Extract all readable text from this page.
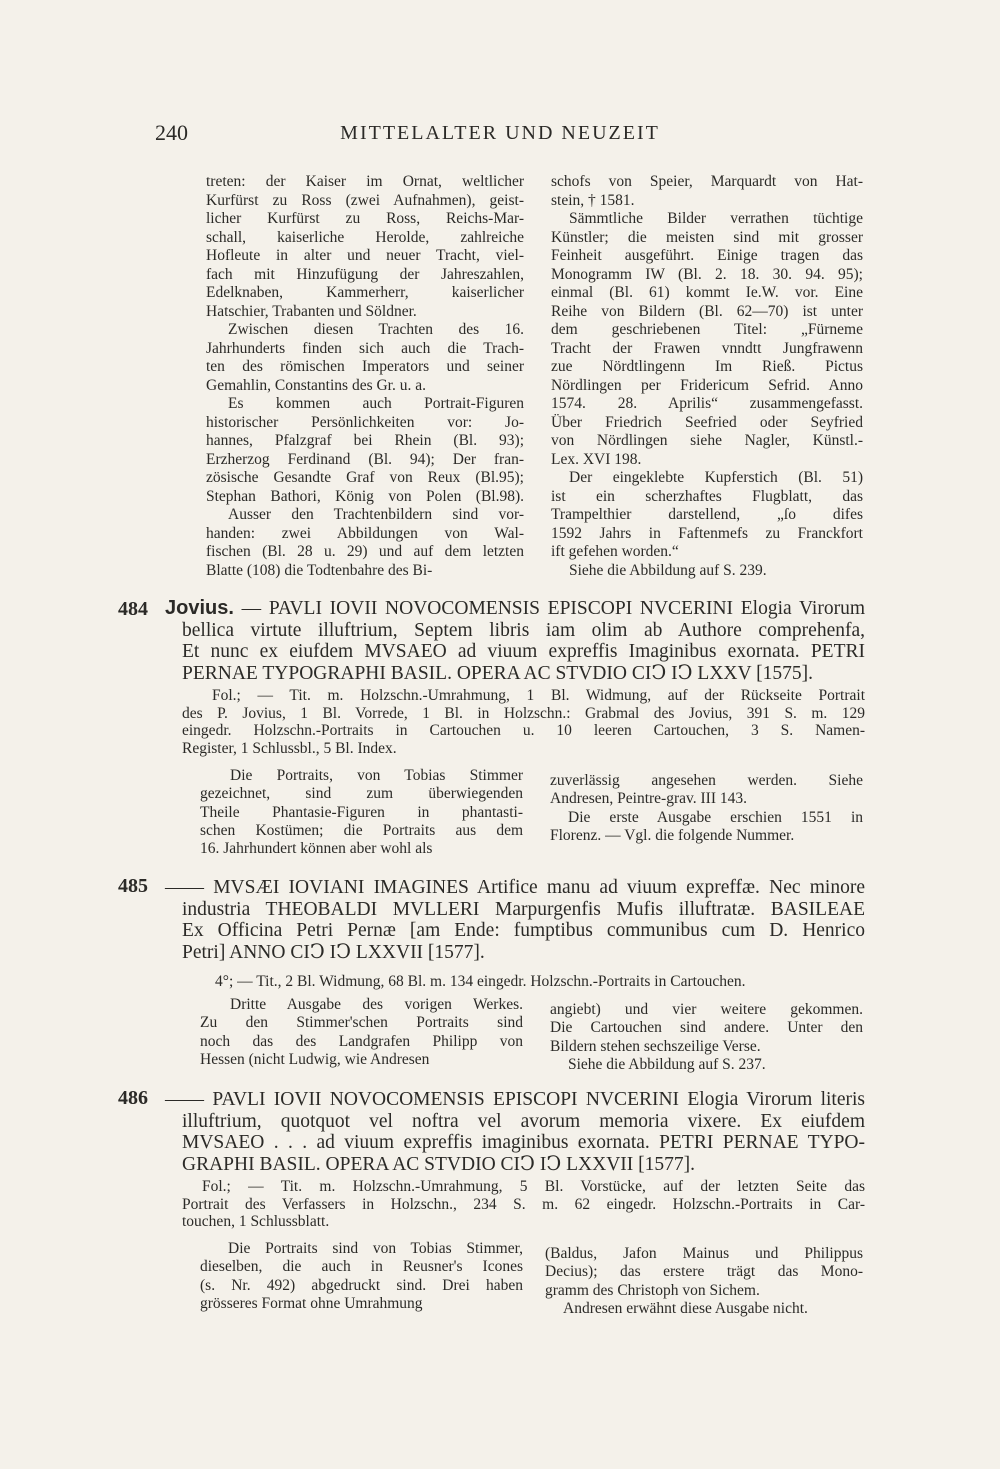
240	MITTELALTER UND NEUZEIT
treten: der Kaiser im Ornat, weltlicher
Kurfürst zu Ross (zwei Aufnahmen), geist-
licher Kurfürst zu Ross, Reichs-Mar-
schall, kaiserliche Herolde, zahlreiche
Hofleute in alter und neuer Tracht, viel-
fach mit Hinzufügung der Jahreszahlen,
Edelknaben, Kammerherr, kaiserlicher
Hatschier, Trabanten und Söldner.
Zwischen diesen Trachten des 16.
Jahrhunderts finden sich auch die Trach-
ten des römischen Imperators und seiner
Gemahlin, Constantins des Gr. u. a.
Es kommen auch Portrait-Figuren
historischer Persönlichkeiten vor: Jo-
hannes, Pfalzgraf bei Rhein (Bl. 93);
Erzherzog Ferdinand (Bl. 94); Der fran-
zösische Gesandte Graf von Reux (Bl.95);
Stephan Bathori, König von Polen (Bl.98).
Ausser den Trachtenbildern sind vor-
handen: zwei Abbildungen von Wal-
fischen (Bl. 28 u. 29) und auf dem letzten
Blatte (108) die Todtenbahre des Bi-
schofs von Speier, Marquardt von Hat-
stein, † 1581.
Sämmtliche Bilder verrathen tüchtige
Künstler; die meisten sind mit grosser
Feinheit ausgeführt. Einige tragen das
Monogramm IW (Bl. 2. 18. 30. 94. 95);
einmal (Bl. 61) kommt Ie.W. vor. Eine
Reihe von Bildern (Bl. 62—70) ist unter
dem geschriebenen Titel: „Fürneme
Tracht der Frawen vnndtt Jungfrawenn
zue Nördtlingenn Im Rieß. Pictus
Nördlingen per Fridericum Sefrid. Anno
1574. 28. Aprilis“ zusammengefasst.
Über Friedrich Seefried oder Seyfried
von Nördlingen siehe Nagler, Künstl.-
Lex. XVI 198.
Der eingeklebte Kupferstich (Bl. 51)
ist ein scherzhaftes Flugblatt, das
Trampelthier darstellend, „ſo difes
1592 Jahrs in Faftenmefs zu Franckfort
ift gefehen worden.“
Siehe die Abbildung auf S. 239.
484 Jovius. — PAVLI IOVII NOVOCOMENSIS EPISCOPI NVCERINI Elogia Virorum
bellica virtute illuftrium, Septem libris iam olim ab Authore comprehenfa,
Et nunc ex eiufdem MVSAEO ad viuum expreffis Imaginibus exornata. PETRI
PERNAE TYPOGRAPHI BASIL. OPERA AC STVDIO CIↃ IↃ LXXV [1575].
Fol.; — Tit. m. Holzschn.-Umrahmung, 1 Bl. Widmung, auf der Rückseite Portrait
des P. Jovius, 1 Bl. Vorrede, 1 Bl. in Holzschn.: Grabmal des Jovius, 391 S. m. 129
eingedr. Holzschn.-Portraits in Cartouchen u. 10 leeren Cartouchen, 3 S. Namen-
Register, 1 Schlussbl., 5 Bl. Index.
Die Portraits, von Tobias Stimmer
gezeichnet, sind zum überwiegenden
Theile Phantasie-Figuren in phantasti-
schen Kostümen; die Portraits aus dem
16. Jahrhundert können aber wohl als
zuverlässig angesehen werden. Siehe
Andresen, Peintre-grav. III 143.
Die erste Ausgabe erschien 1551 in
Florenz. — Vgl. die folgende Nummer.
485 —— MVSÆI IOVIANI IMAGINES Artifice manu ad viuum expreffæ. Nec minore
industria THEOBALDI MVLLERI Marpurgenfis Mufis illuftratæ. BASILEAE
Ex Officina Petri Pernæ [am Ende: fumptibus communibus cum D. Henrico
Petri] ANNO CIↃ IↃ LXXVII [1577].
4°; — Tit., 2 Bl. Widmung, 68 Bl. m. 134 eingedr. Holzschn.-Portraits in Cartouchen.
Dritte Ausgabe des vorigen Werkes.
Zu den Stimmer'schen Portraits sind
noch das des Landgrafen Philipp von
Hessen (nicht Ludwig, wie Andresen
angiebt) und vier weitere gekommen.
Die Cartouchen sind andere. Unter den
Bildern stehen sechszeilige Verse.
Siehe die Abbildung auf S. 237.
486 —— PAVLI IOVII NOVOCOMENSIS EPISCOPI NVCERINI Elogia Virorum literis
illuftrium, quotquot vel noftra vel avorum memoria vixere. Ex eiufdem
MVSAEO . . . ad viuum expreffis imaginibus exornata. PETRI PERNAE TYPO-
GRAPHI BASIL. OPERA AC STVDIO CIↃ IↃ LXXVII [1577].
Fol.; — Tit. m. Holzschn.-Umrahmung, 5 Bl. Vorstücke, auf der letzten Seite das
Portrait des Verfassers in Holzschn., 234 S. m. 62 eingedr. Holzschn.-Portraits in Car-
touchen, 1 Schlussblatt.
Die Portraits sind von Tobias Stimmer,
dieselben, die auch in Reusner's Icones
(s. Nr. 492) abgedruckt sind. Drei haben
grösseres Format ohne Umrahmung
(Baldus, Jafon Mainus und Philippus
Decius); das erstere trägt das Mono-
gramm des Christoph von Sichem.
Andresen erwähnt diese Ausgabe nicht.
